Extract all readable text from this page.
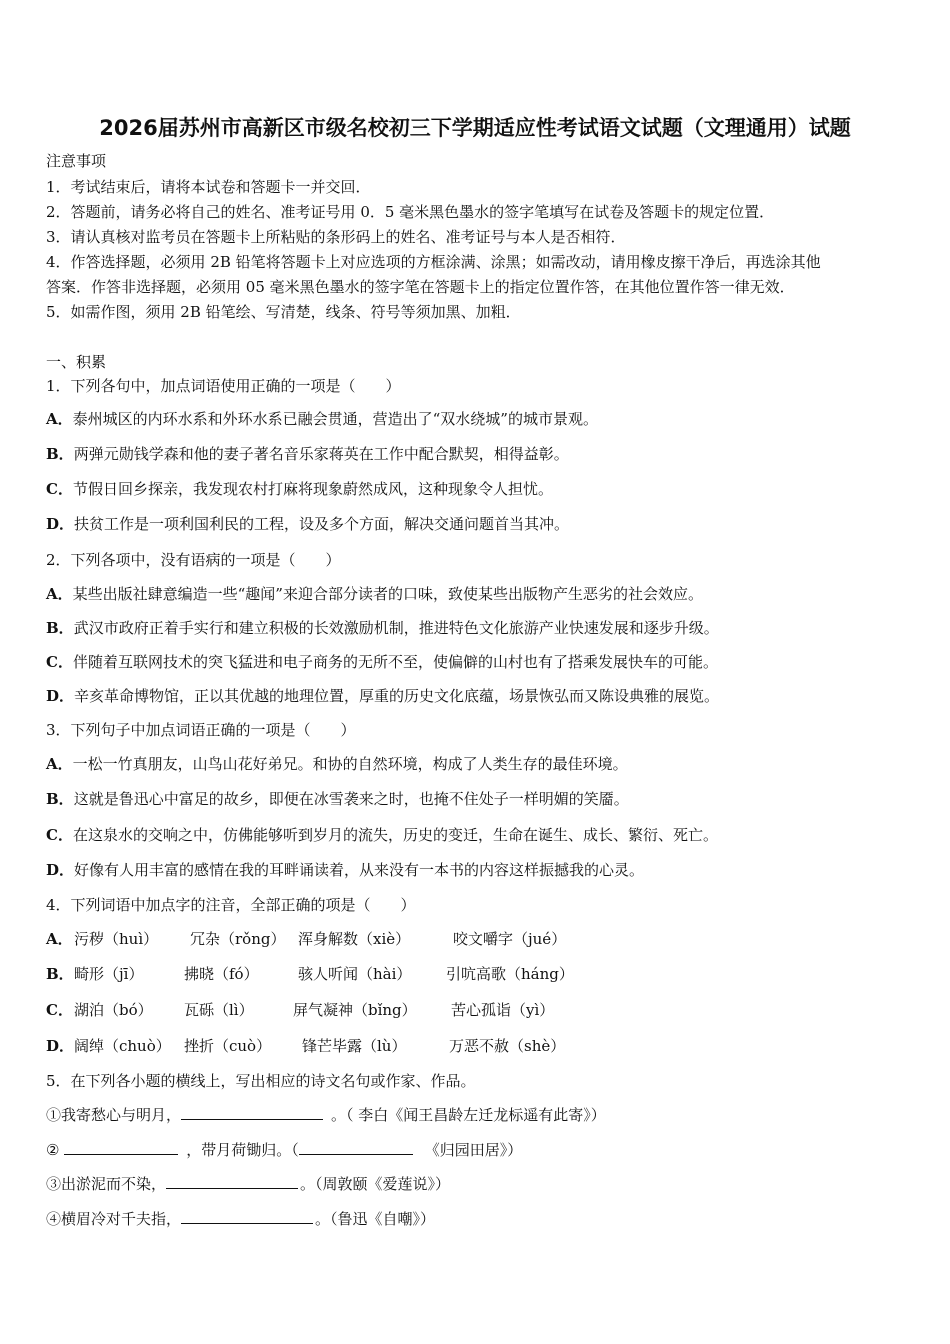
2026届苏州市高新区市级名校初三下学期适应性考试语文试题（文理通用）试题
注意事项
1．考试结束后，请将本试卷和答题卡一并交回．
2．答题前，请务必将自己的姓名、准考证号用 0．5 毫米黑色墨水的签字笔填写在试卷及答题卡的规定位置．
3．请认真核对监考员在答题卡上所粘贴的条形码上的姓名、准考证号与本人是否相符．
4．作答选择题，必须用 2B 铅笔将答题卡上对应选项的方框涂满、涂黑；如需改动，请用橡皮擦干净后，再选涂其他
答案．作答非选择题，必须用 05 毫米黑色墨水的签字笔在答题卡上的指定位置作答，在其他位置作答一律无效．
5．如需作图，须用 2B 铅笔绘、写清楚，线条、符号等须加黑、加粗．
一、积累
1．下列各句中，加点词语使用正确的一项是（　　）
A．泰州城区的内环水系和外环水系已融会贯通，营造出了“双水绕城”的城市景观。
B．两弹元勋钱学森和他的妻子著名音乐家蒋英在工作中配合默契，相得益彰。
C．节假日回乡探亲，我发现农村打麻将现象蔚然成风，这种现象令人担忧。
D．扶贫工作是一项利国利民的工程，设及多个方面，解决交通问题首当其冲。
2．下列各项中，没有语病的一项是（　　）
A．某些出版社肆意编造一些“趣闻”来迎合部分读者的口味，致使某些出版物产生恶劣的社会效应。
B．武汉市政府正着手实行和建立积极的长效激励机制，推进特色文化旅游产业快速发展和逐步升级。
C．伴随着互联网技术的突飞猛进和电子商务的无所不至，使偏僻的山村也有了搭乘发展快车的可能。
D．辛亥革命博物馆，正以其优越的地理位置，厚重的历史文化底蕴，场景恢弘而又陈设典雅的展览。
3．下列句子中加点词语正确的一项是（　　）
A．一松一竹真朋友，山鸟山花好弟兄。和协的自然环境，构成了人类生存的最佳环境。
B．这就是鲁迅心中富足的故乡，即便在冰雪袭来之时，也掩不住处子一样明媚的笑靥。
C．在这泉水的交响之中，仿佛能够听到岁月的流失，历史的变迁，生命在诞生、成长、繁衍、死亡。
D．好像有人用丰富的感情在我的耳畔诵读着，从来没有一本书的内容这样振撼我的心灵。
4．下列词语中加点字的注音，全部正确的项是（　　）
A． 污秽（huì） 冗杂（rǒng） 浑身解数（xiè）	咬文嚼字（jué）
B． 畸形（jī）	拂晓（fó）	骇人听闻（hài） 引吭高歌（háng）
C． 湖泊（bó） 瓦砾（lì）	屏气凝神（bǐng） 苦心孤诣（yì）
D． 阔绰（chuò） 挫折（cuò） 锋芒毕露（lù）	万恶不赦（shè）
5．在下列各小题的横线上，写出相应的诗文名句或作家、作品。
①我寄愁心与明月，	。（ 李白《闻王昌龄左迁龙标遥有此寄》）
②	，带月荷锄归。（	《归园田居》）
③出淤泥而不染，	。（周敦颐《爱莲说》）
④横眉冷对千夫指，	。（鲁迅《自嘲》）
